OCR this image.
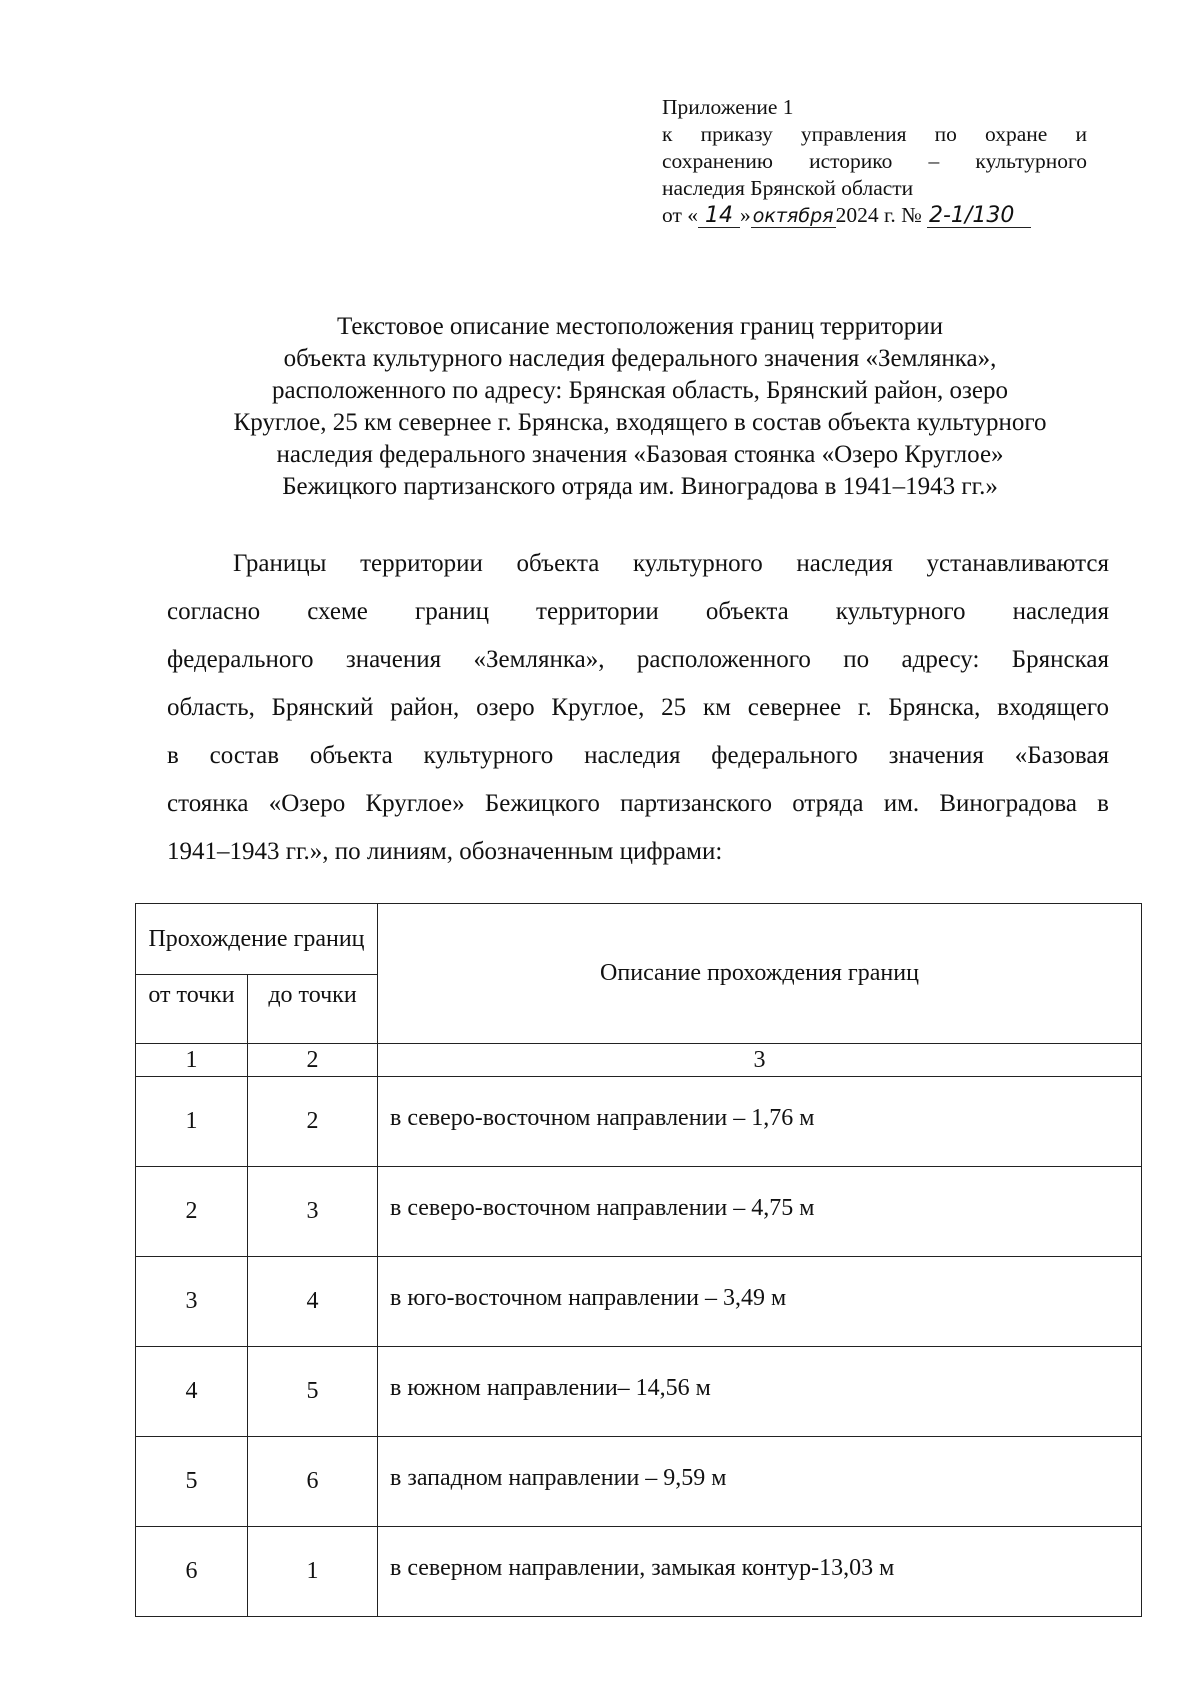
Приложение 1
к приказу управления по охране и
сохранению историко – культурного
наследия Брянской области
от « 14 » октября2024 г. № 2-1/130
Текстовое описание местоположения границ территории
объекта культурного наследия федерального значения «Землянка»,
расположенного по адресу: Брянская область, Брянский район, озеро
Круглое, 25 км севернее г. Брянска, входящего в состав объекта культурного
наследия федерального значения «Базовая стоянка «Озеро Круглое»
Бежицкого партизанского отряда им. Виноградова в 1941–1943 гг.»
Границы территории объекта культурного наследия устанавливаются
согласно схеме границ территории объекта культурного наследия
федерального значения «Землянка», расположенного по адресу: Брянская
область, Брянский район, озеро Круглое, 25 км севернее г. Брянска, входящего
в состав объекта культурного наследия федерального значения «Базовая
стоянка «Озеро Круглое» Бежицкого партизанского отряда им. Виноградова в
1941–1943 гг.», по линиям, обозначенным цифрами:
Прохождение границ		Описание прохождения границ
от точки	до точки	
1	2	3
1	2	в северо-восточном направлении – 1,76 м
2	3	в северо-восточном направлении – 4,75 м
3	4	в юго-восточном направлении – 3,49 м
4	5	в южном направлении– 14,56 м
5	6	в западном направлении – 9,59 м
6	1	в северном направлении, замыкая контур-13,03 м
